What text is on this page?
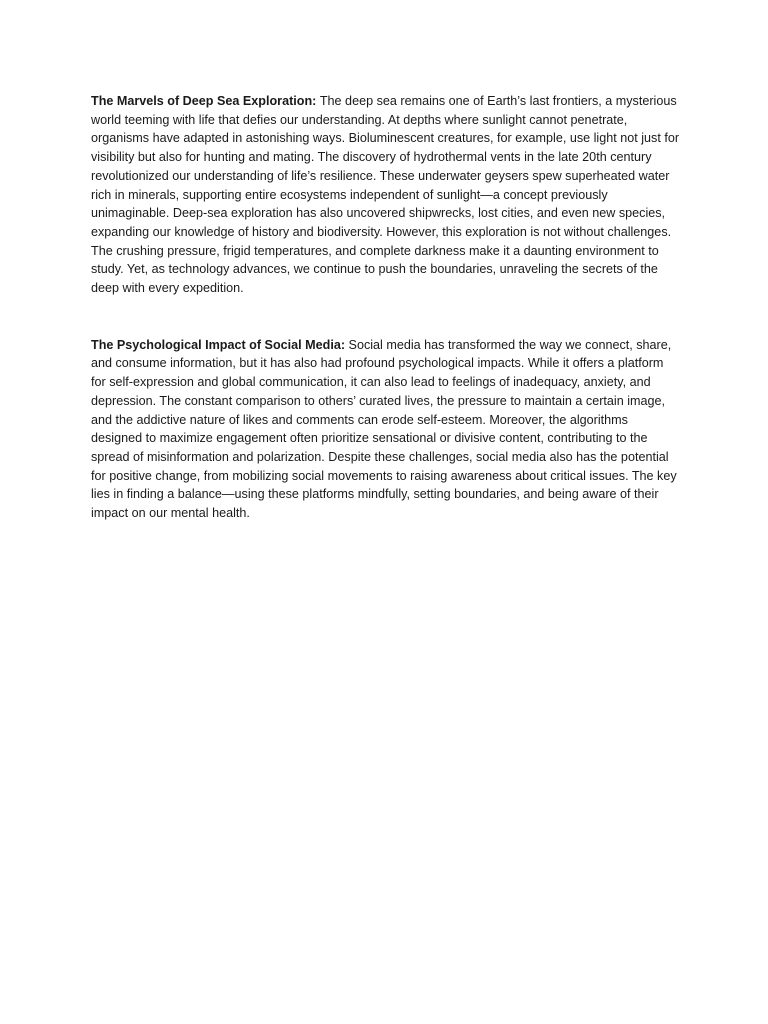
The Marvels of Deep Sea Exploration: The deep sea remains one of Earth’s last frontiers, a mysterious world teeming with life that defies our understanding. At depths where sunlight cannot penetrate, organisms have adapted in astonishing ways. Bioluminescent creatures, for example, use light not just for visibility but also for hunting and mating. The discovery of hydrothermal vents in the late 20th century revolutionized our understanding of life’s resilience. These underwater geysers spew superheated water rich in minerals, supporting entire ecosystems independent of sunlight—a concept previously unimaginable. Deep-sea exploration has also uncovered shipwrecks, lost cities, and even new species, expanding our knowledge of history and biodiversity. However, this exploration is not without challenges. The crushing pressure, frigid temperatures, and complete darkness make it a daunting environment to study. Yet, as technology advances, we continue to push the boundaries, unraveling the secrets of the deep with every expedition.

The Psychological Impact of Social Media: Social media has transformed the way we connect, share, and consume information, but it has also had profound psychological impacts. While it offers a platform for self-expression and global communication, it can also lead to feelings of inadequacy, anxiety, and depression. The constant comparison to others’ curated lives, the pressure to maintain a certain image, and the addictive nature of likes and comments can erode self-esteem. Moreover, the algorithms designed to maximize engagement often prioritize sensational or divisive content, contributing to the spread of misinformation and polarization. Despite these challenges, social media also has the potential for positive change, from mobilizing social movements to raising awareness about critical issues. The key lies in finding a balance—using these platforms mindfully, setting boundaries, and being aware of their impact on our mental health.
